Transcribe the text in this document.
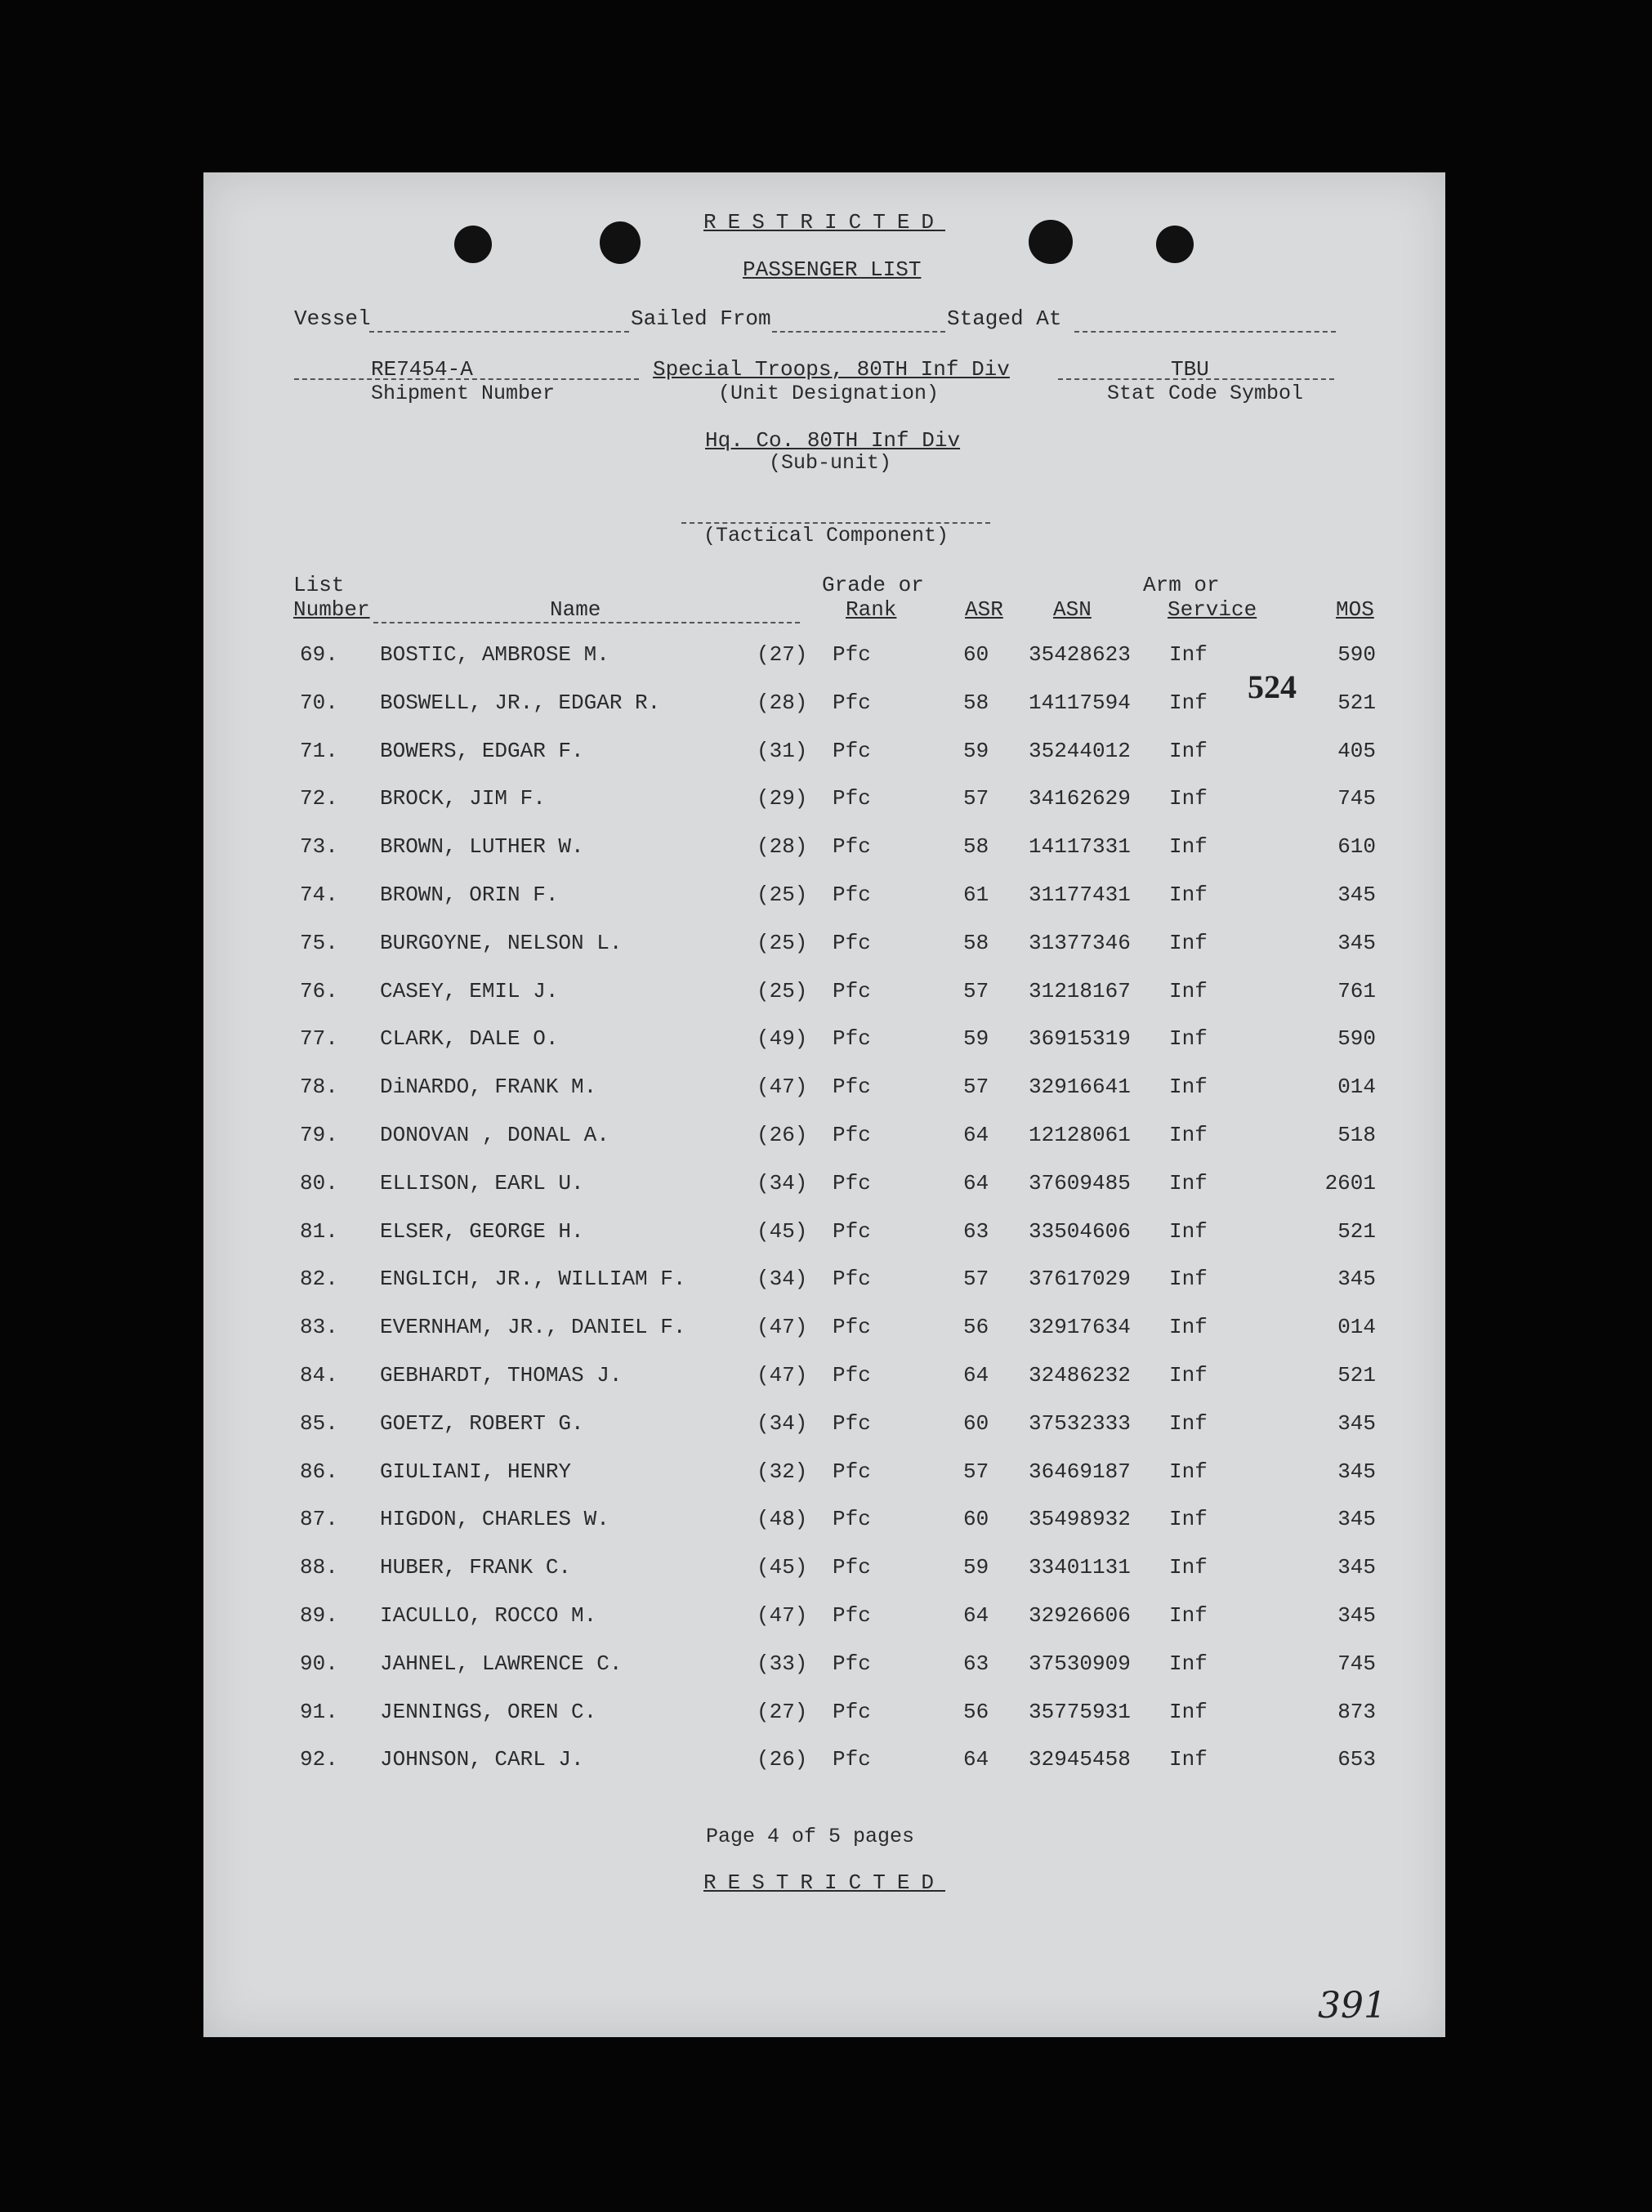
RESTRICTED
PASSENGER LIST
Vessel	Sailed From	Staged At
RE7454-A
Shipment Number
Special Troops, 80TH Inf Div
(Unit Designation)
TBU
Stat Code Symbol
Hq. Co. 80TH Inf Div
(Sub-unit)
(Tactical Component)
List
Number	Name
Grade or
Rank	ASR ASN
Arm or
Service	MOS
69. BOSTIC, AMBROSE M.	(27) Pfc	60 35428623 Inf	590
70. BOSWELL, JR., EDGAR R.	(28) Pfc	58 14117594 Inf	521
71. BOWERS, EDGAR F.	(31) Pfc	59 35244012 Inf	405
72. BROCK, JIM F.	(29) Pfc	57 34162629 Inf	745
73. BROWN, LUTHER W.	(28) Pfc	58 14117331 Inf	610
74. BROWN, ORIN F.	(25) Pfc	61 31177431 Inf	345
75. BURGOYNE, NELSON L.	(25) Pfc	58 31377346 Inf	345
76. CASEY, EMIL J.	(25) Pfc	57 31218167 Inf	761
77. CLARK, DALE O.	(49) Pfc	59 36915319 Inf	590
78. DiNARDO, FRANK M.	(47) Pfc	57 32916641 Inf	014
79. DONOVAN , DONAL A.	(26) Pfc	64 12128061 Inf	518
80. ELLISON, EARL U.	(34) Pfc	64 37609485 Inf	2601
81. ELSER, GEORGE H.	(45) Pfc	63 33504606 Inf	521
82. ENGLICH, JR., WILLIAM F.	(34) Pfc	57 37617029 Inf	345
83. EVERNHAM, JR., DANIEL F.	(47) Pfc	56 32917634 Inf	014
84. GEBHARDT, THOMAS J.	(47) Pfc	64 32486232 Inf	521
85. GOETZ, ROBERT G.	(34) Pfc	60 37532333 Inf	345
86. GIULIANI, HENRY	(32) Pfc	57 36469187 Inf	345
87. HIGDON, CHARLES W.	(48) Pfc	60 35498932 Inf	345
88. HUBER, FRANK C.	(45) Pfc	59 33401131 Inf	345
89. IACULLO, ROCCO M.	(47) Pfc	64 32926606 Inf	345
90. JAHNEL, LAWRENCE C.	(33) Pfc	63 37530909 Inf	745
91. JENNINGS, OREN C.	(27) Pfc	56 35775931 Inf	873
92. JOHNSON, CARL J.	(26) Pfc	64 32945458 Inf	653
524
Page 4 of 5 pages
RESTRICTED
391
